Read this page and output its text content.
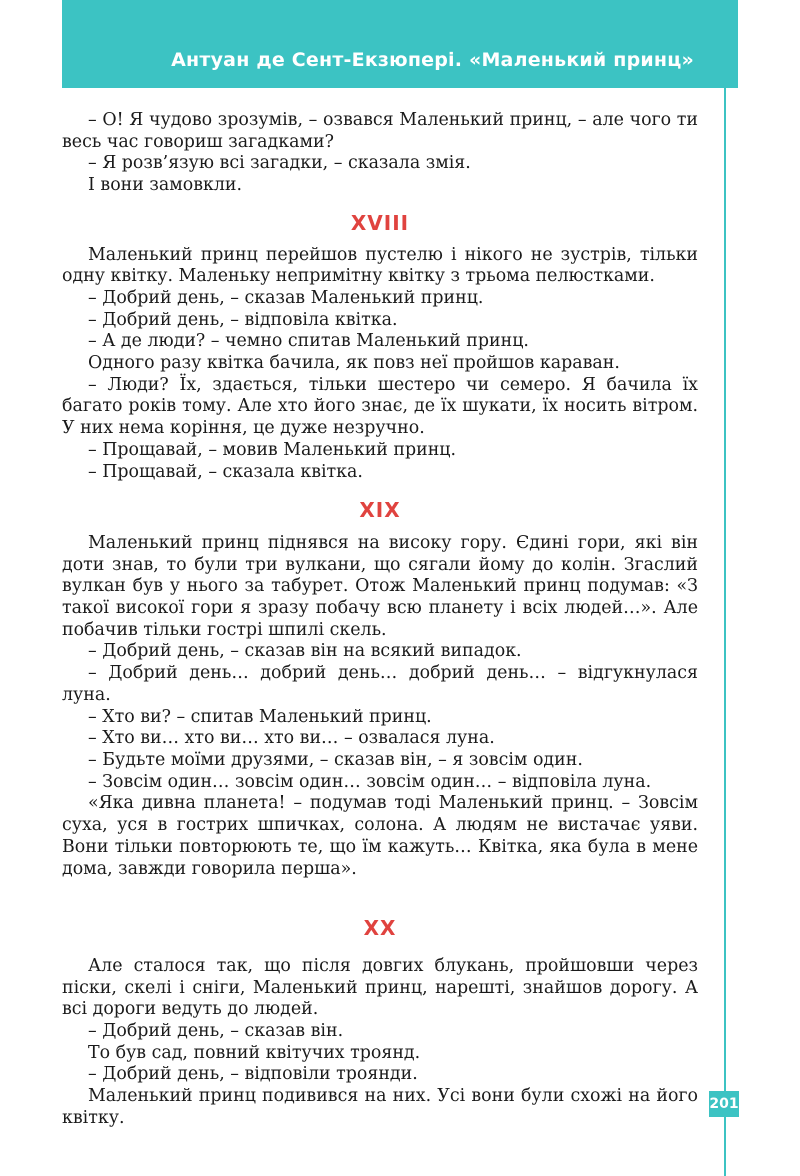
Антуан де Сент-Екзюпері. «Маленький принц»

– О! Я чудово зрозумів, – озвався Маленький принц, – але чого ти весь час говориш загадками?

– Я розв’язую всі загадки, – сказала змія.

І вони замовкли.

XVIII

Маленький принц перейшов пустелю і нікого не зустрів, тільки одну квітку. Маленьку непримітну квітку з трьома пелюстками.

– Добрий день, – сказав Маленький принц.

– Добрий день, – відповіла квітка.

– А де люди? – чемно спитав Маленький принц.

Одного разу квітка бачила, як повз неї пройшов караван.

– Люди? Їх, здається, тільки шестеро чи семеро. Я бачила їх багато років тому. Але хто його знає, де їх шукати, їх носить вітром. У них нема коріння, це дуже незручно.

– Прощавай, – мовив Маленький принц.

– Прощавай, – сказала квітка.

XIX

Маленький принц піднявся на високу гору. Єдині гори, які він доти знав, то були три вулкани, що сягали йому до колін. Згаслий вулкан був у нього за табурет. Отож Маленький принц подумав: «З такої високої гори я зразу побачу всю планету і всіх людей…». Але побачив тільки гострі шпилі скель.

– Добрий день, – сказав він на всякий випадок.

– Добрий день… добрий день… добрий день… – відгукнулася луна.

– Хто ви? – спитав Маленький принц.

– Хто ви… хто ви… хто ви… – озвалася луна.

– Будьте моїми друзями, – сказав він, – я зовсім один.

– Зовсім один… зовсім один… зовсім один… – відповіла луна.

«Яка дивна планета! – подумав тоді Маленький принц. – Зовсім суха, уся в гострих шпичках, солона. А людям не вистачає уяви. Вони тільки повторюють те, що їм кажуть… Квітка, яка була в мене дома, завжди говорила перша».

XX

Але сталося так, що після довгих блукань, пройшовши через піски, скелі і сніги, Маленький принц, нарешті, знайшов дорогу. А всі дороги ведуть до людей.

– Добрий день, – сказав він.

То був сад, повний квітучих троянд.

– Добрий день, – відповіли троянди.

Маленький принц подивився на них. Усі вони були схожі на його квітку.

201
